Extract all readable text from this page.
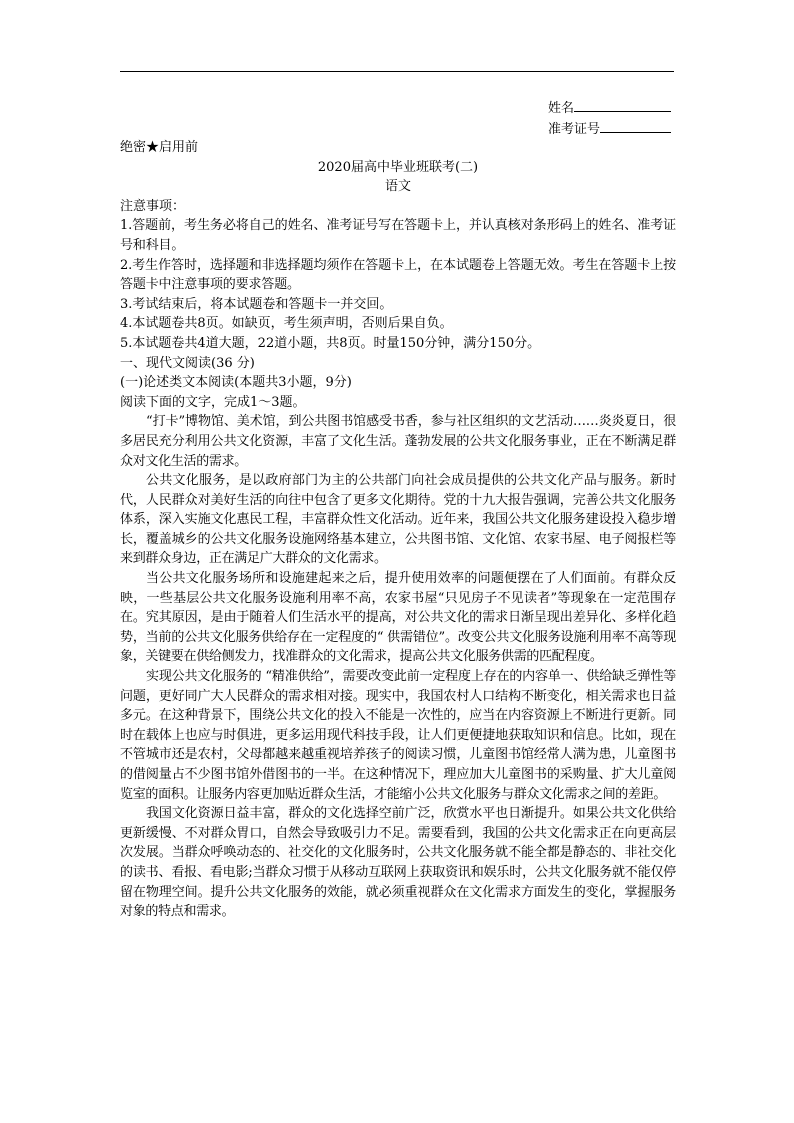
姓名
准考证号
绝密★启用前
2020届高中毕业班联考(二)
语文
注意事项：
1.答题前，考生务必将自己的姓名、准考证号写在答题卡上，并认真核对条形码上的姓名、准考证号和科目。
2.考生作答时，选择题和非选择题均须作在答题卡上，在本试题卷上答题无效。考生在答题卡上按答题卡中注意事项的要求答题。
3.考试结束后，将本试题卷和答题卡一并交回。
4.本试题卷共8页。如缺页，考生须声明，否则后果自负。
5.本试题卷共4道大题，22道小题，共8页。时量150分钟，满分150分。
一、现代文阅读(36 分)
(一)论述类文本阅读(本题共3小题，9分)
阅读下面的文字，完成1～3题。

“打卡”博物馆、美术馆，到公共图书馆感受书香，参与社区组织的文艺活动……炎炎夏日，很多居民充分利用公共文化资源，丰富了文化生活。蓬勃发展的公共文化服务事业，正在不断满足群众对文化生活的需求。

公共文化服务，是以政府部门为主的公共部门向社会成员提供的公共文化产品与服务。新时代，人民群众对美好生活的向往中包含了更多文化期待。党的十九大报告强调，完善公共文化服务体系，深入实施文化惠民工程，丰富群众性文化活动。近年来，我国公共文化服务建设投入稳步增长，覆盖城乡的公共文化服务设施网络基本建立，公共图书馆、文化馆、农家书屋、电子阅报栏等来到群众身边，正在满足广大群众的文化需求。

当公共文化服务场所和设施建起来之后，提升使用效率的问题便摆在了人们面前。有群众反映，一些基层公共文化服务设施利用率不高，农家书屋“只见房子不见读者”等现象在一定范围存在。究其原因，是由于随着人们生活水平的提高，对公共文化的需求日渐呈现出差异化、多样化趋势，当前的公共文化服务供给存在一定程度的“ 供需错位”。改变公共文化服务设施利用率不高等现象，关键要在供给侧发力，找准群众的文化需求，提高公共文化服务供需的匹配程度。

实现公共文化服务的 “精准供给”，需要改变此前一定程度上存在的内容单一、供给缺乏弹性等问题，更好同广大人民群众的需求相对接。现实中，我国农村人口结构不断变化，相关需求也日益多元。在这种背景下，围绕公共文化的投入不能是一次性的，应当在内容资源上不断进行更新。同时在载体上也应与时俱进，更多运用现代科技手段，让人们更便捷地获取知识和信息。比如，现在不管城市还是农村，父母都越来越重视培养孩子的阅读习惯，儿童图书馆经常人满为患，儿童图书的借阅量占不少图书馆外借图书的一半。在这种情况下，理应加大儿童图书的采购量、扩大儿童阅览室的面积。让服务内容更加贴近群众生活，才能缩小公共文化服务与群众文化需求之间的差距。

我国文化资源日益丰富，群众的文化选择空前广泛，欣赏水平也日渐提升。如果公共文化供给更新缓慢、不对群众胃口，自然会导致吸引力不足。需要看到，我国的公共文化需求正在向更高层次发展。当群众呼唤动态的、社交化的文化服务时，公共文化服务就不能全都是静态的、非社交化的读书、看报、看电影;当群众习惯于从移动互联网上获取资讯和娱乐时，公共文化服务就不能仅停留在物理空间。提升公共文化服务的效能，就必须重视群众在文化需求方面发生的变化，掌握服务对象的特点和需求。
